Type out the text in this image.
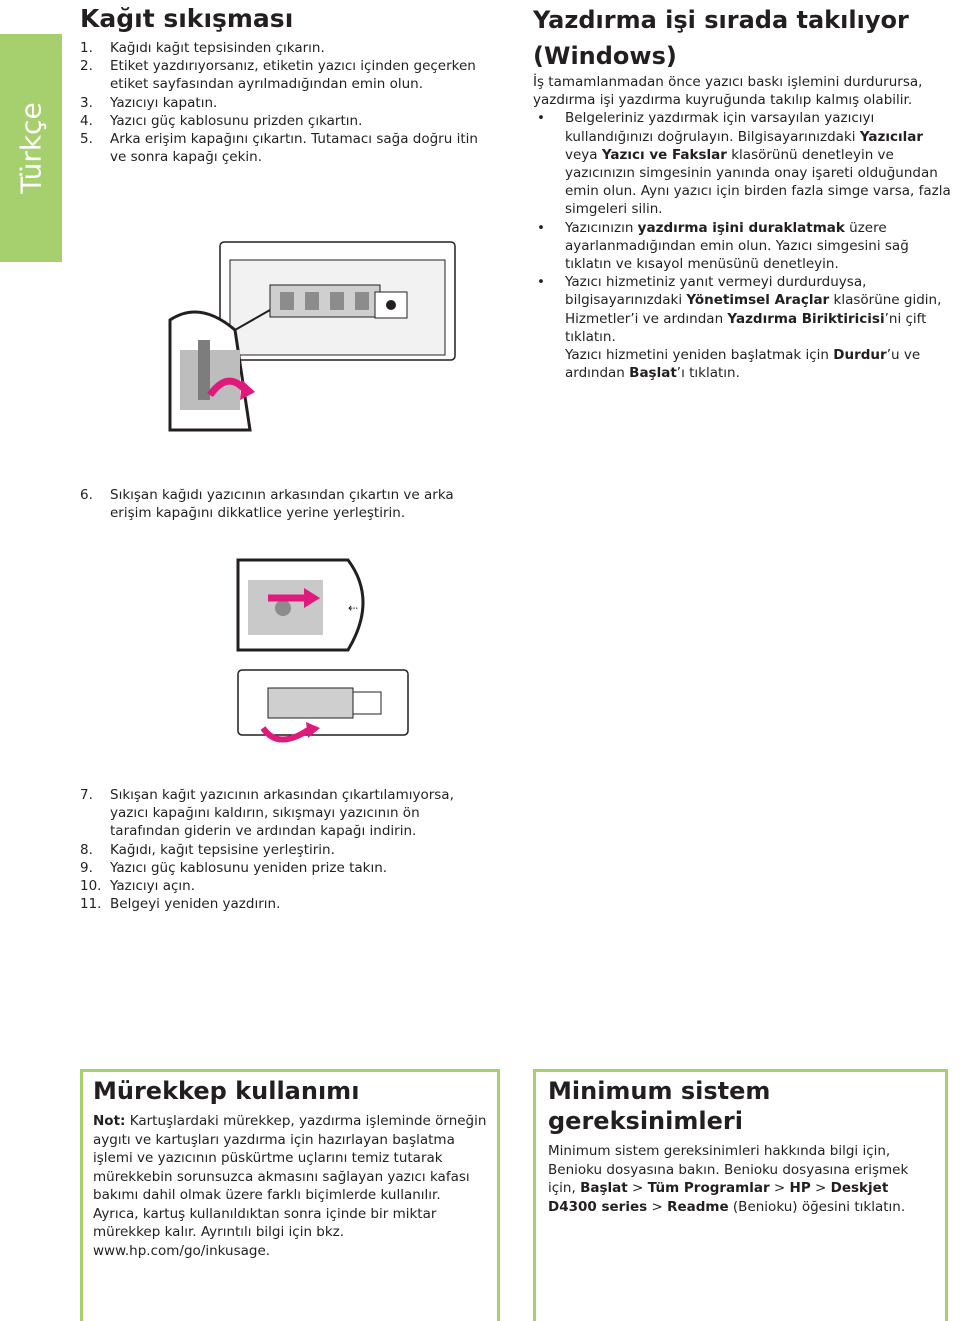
Türkçe
Kağıt sıkışması
1. Kağıdı kağıt tepsisinden çıkarın.
2. Etiket yazdırıyorsanız, etiketin yazıcı içinden geçerken etiket sayfasından ayrılmadığından emin olun.
3. Yazıcıyı kapatın.
4. Yazıcı güç kablosunu prizden çıkartın.
5. Arka erişim kapağını çıkartın. Tutamacı sağa doğru itin ve sonra kapağı çekin.
Yazdırma işi sırada takılıyor
(Windows)

İş tamamlanmadan önce yazıcı baskı işlemini durdurursa, yazdırma işi yazdırma kuyruğunda takılıp kalmış olabilir.

• Belgeleriniz yazdırmak için varsayılan yazıcıyı kullandığınızı doğrulayın. Bilgisayarınızdaki Yazıcılar veya Yazıcı ve Fakslar klasörünü denetleyin ve yazıcınızın simgesinin yanında onay işareti olduğundan emin olun. Aynı yazıcı için birden fazla simge varsa, fazla simgeleri silin.
• Yazıcınızın yazdırma işini duraklatmak üzere ayarlanmadığından emin olun. Yazıcı simgesini sağ tıklatın ve kısayol menüsünü denetleyin.
• Yazıcı hizmetiniz yanıt vermeyi durdurduysa, bilgisayarınızdaki Yönetimsel Araçlar klasörüne gidin, Hizmetler’i ve ardından Yazdırma Biriktiricisi’ni çift tıklatın.

Yazıcı hizmetini yeniden başlatmak için Durdur’u ve ardından Başlat’ı tıklatın.

6. Sıkışan kağıdı yazıcının arkasından çıkartın ve arka erişim kapağını dikkatlice yerine yerleştirin.
⇠
7. Sıkışan kağıt yazıcının arkasından çıkartılamıyorsa, yazıcı kapağını kaldırın, sıkışmayı yazıcının ön tarafından giderin ve ardından kapağı indirin.
8. Kağıdı, kağıt tepsisine yerleştirin.
9. Yazıcı güç kablosunu yeniden prize takın.
10. Yazıcıyı açın.
11. Belgeyi yeniden yazdırın.
Mürekkep kullanımı

Not: Kartuşlardaki mürekkep, yazdırma işleminde örneğin aygıtı ve kartuşları yazdırma için hazırlayan başlatma işlemi ve yazıcının püskürtme uçlarını temiz tutarak mürekkebin sorunsuzca akmasını sağlayan yazıcı kafası bakımı dahil olmak üzere farklı biçimlerde kullanılır. Ayrıca, kartuş kullanıldıktan sonra içinde bir miktar mürekkep kalır. Ayrıntılı bilgi için bkz. www.hp.com/go/inkusage.

Minimum sistem gereksinimleri

Minimum sistem gereksinimleri hakkında bilgi için, Benioku dosyasına bakın. Benioku dosyasına erişmek için, Başlat > Tüm Programlar > HP > Deskjet D4300 series > Readme (Benioku) öğesini tıklatın.
